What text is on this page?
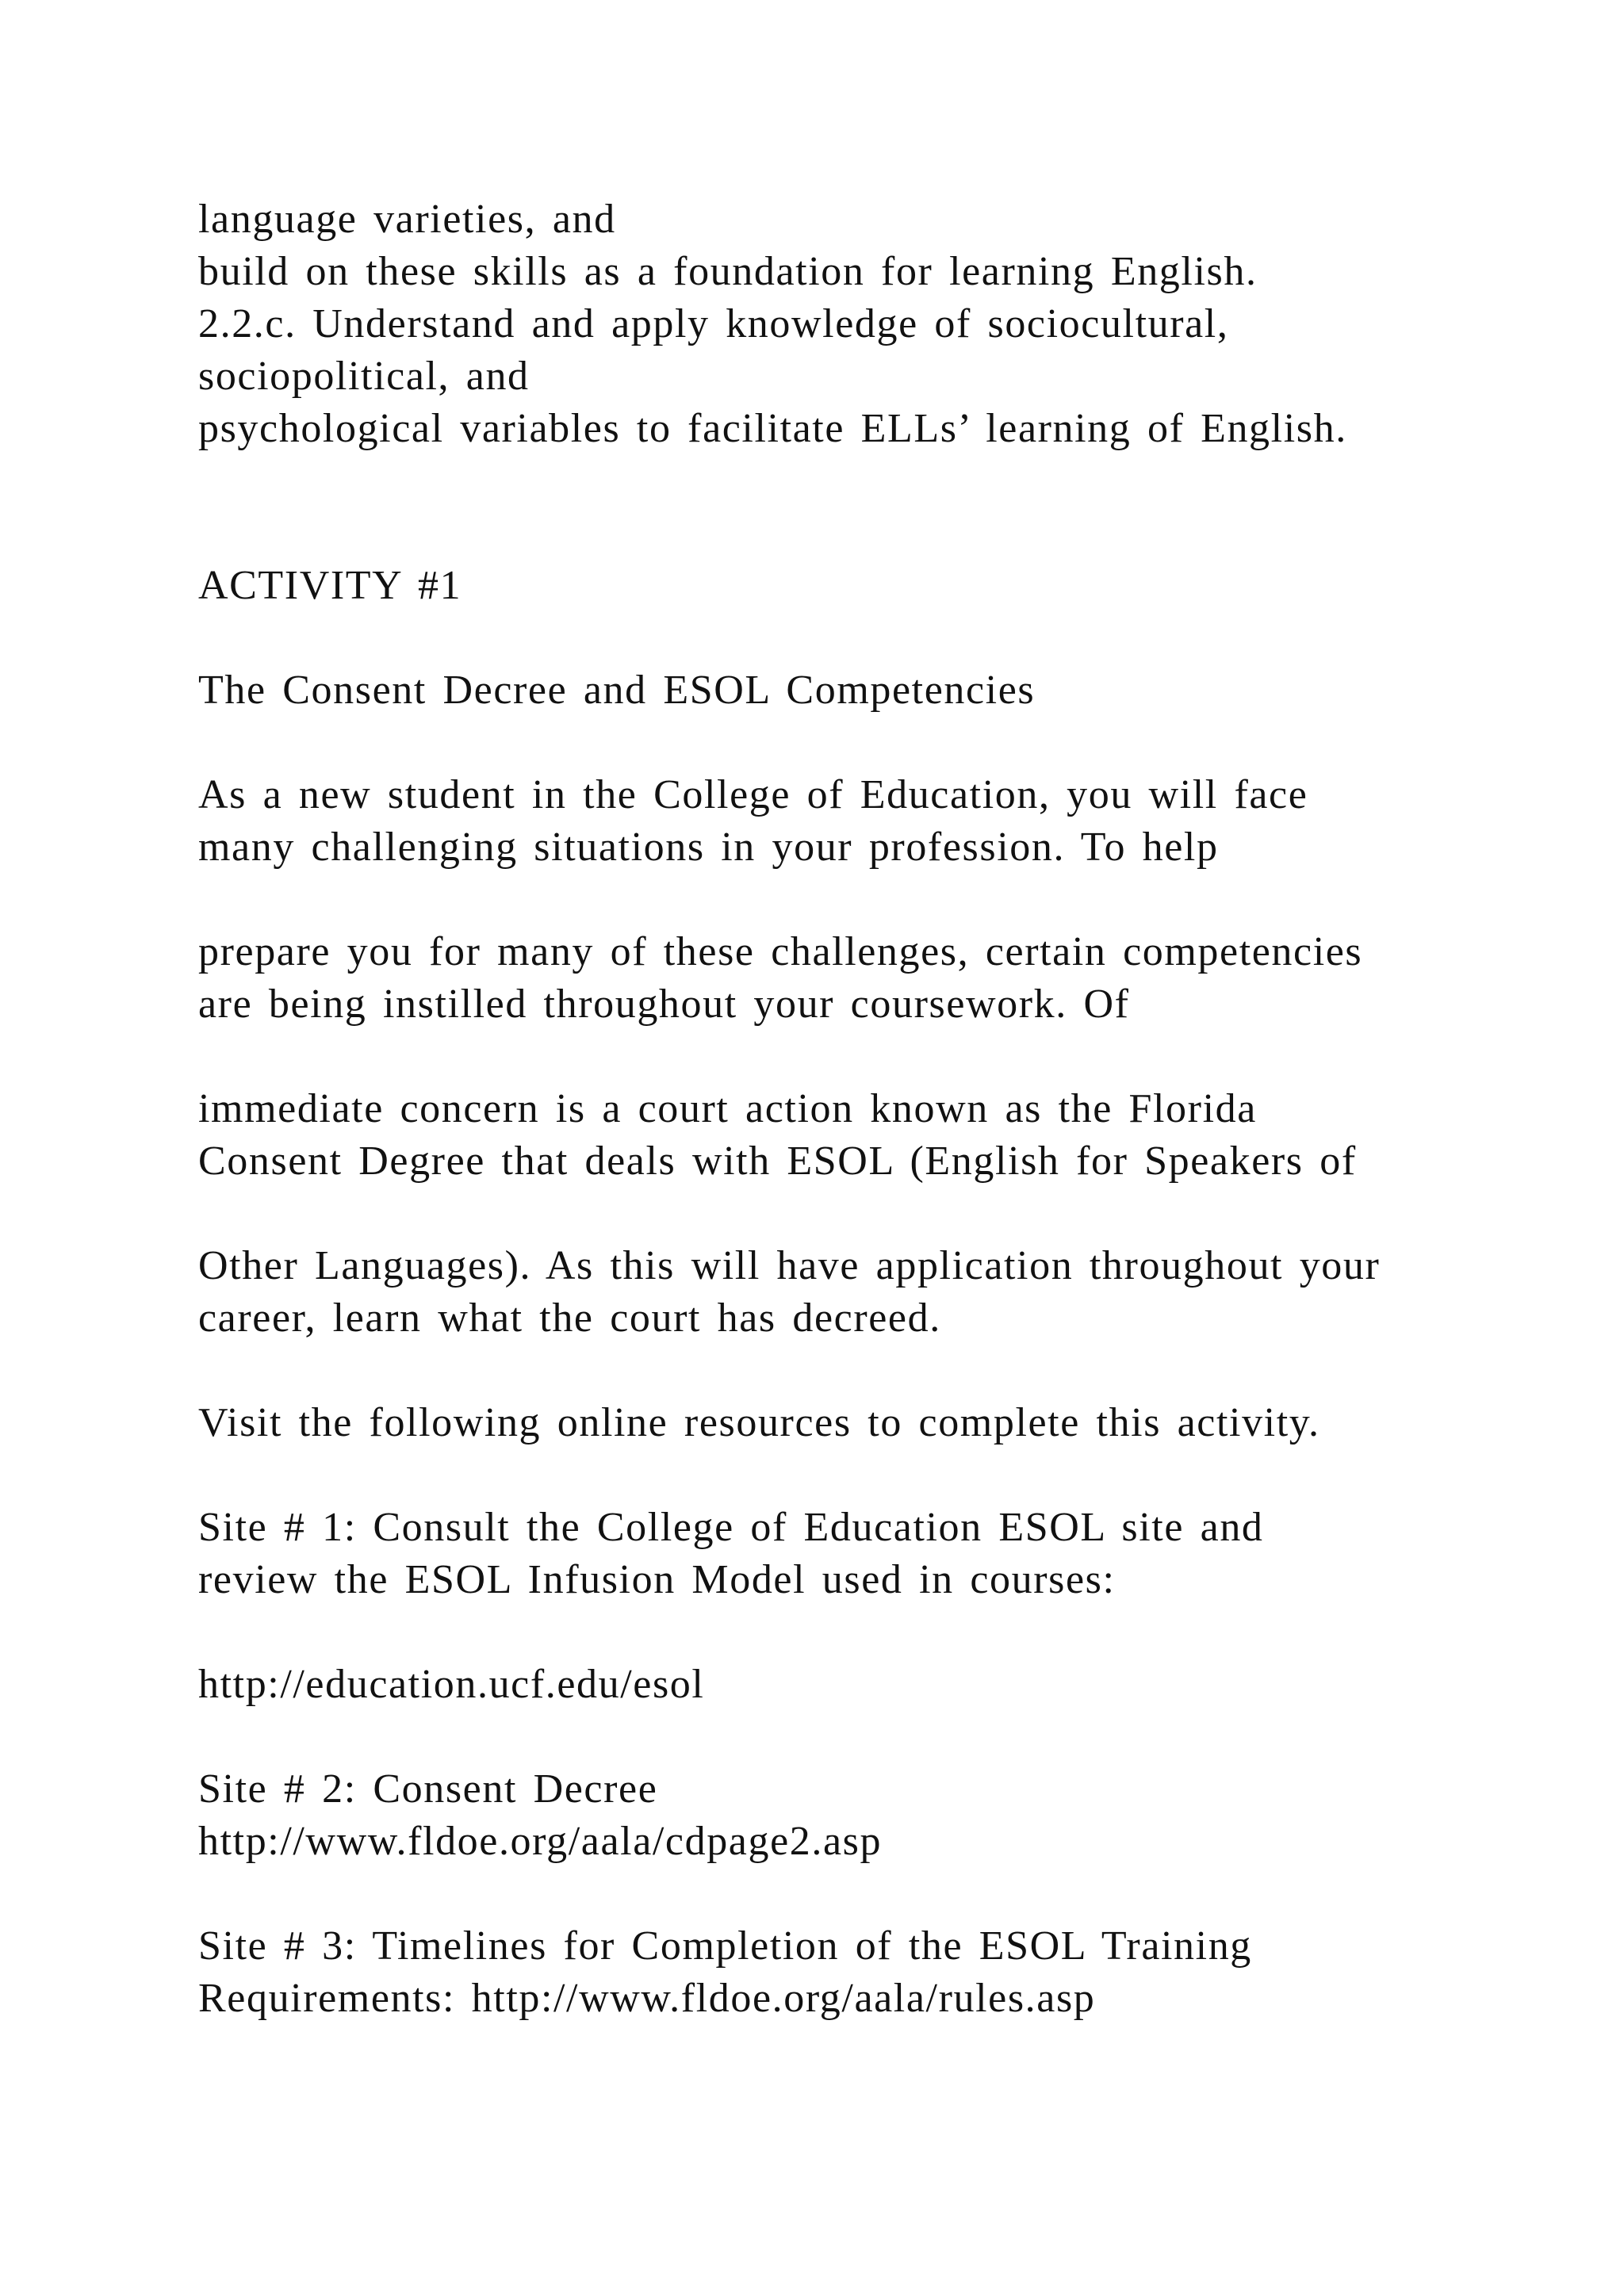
language varieties, and
build on these skills as a foundation for learning English.
2.2.c. Understand and apply knowledge of sociocultural,
sociopolitical, and
psychological variables to facilitate ELLs’ learning of English.
ACTIVITY #1
The Consent Decree and ESOL Competencies
As a new student in the College of Education, you will face
many challenging situations in your profession. To help
prepare you for many of these challenges, certain competencies
are being instilled throughout your coursework. Of
immediate concern is a court action known as the Florida
Consent Degree that deals with ESOL (English for Speakers of
Other Languages). As this will have application throughout your
career, learn what the court has decreed.
Visit the following online resources to complete this activity.
Site # 1: Consult the College of Education ESOL site and
review the ESOL Infusion Model used in courses:
http://education.ucf.edu/esol
Site # 2: Consent Decree
http://www.fldoe.org/aala/cdpage2.asp
Site # 3: Timelines for Completion of the ESOL Training
Requirements: http://www.fldoe.org/aala/rules.asp
